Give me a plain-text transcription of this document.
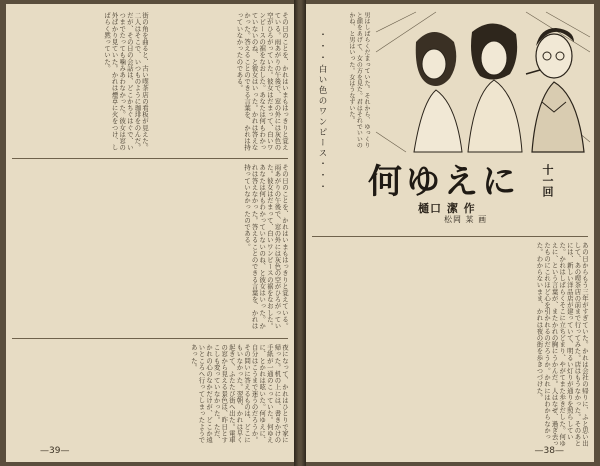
その日のことを、かれはいまもはっきりと覚えている。雨あがりの午後で、窓の外には灰色の空がひろがっていた。彼女はだまって、白いワンピースの裾をなおした。あなたは何もわかっていないのね、と彼女はいった。かれは答えなかった。答えることのできる言葉を、かれは持っていなかったのである。
街の角を曲ると、古い喫茶店の看板が見えた。二人はそこで、いつものように珈琲をのんだ。だが、その日の会話は、どこかちぐはぐで、いつまでたっても噛みあわなかった。彼女は窓の外ばかり見ていた。かれは煙草に火をつけ、しばらく黙っていた。
その日のことを、かれはいまもはっきりと覚えている。雨あがりの午後で、窓の外には灰色の空がひろがっていた。彼女はだまって、白いワンピースの裾をなおした。あなたは何もわかっていないのね、と彼女はいった。かれは答えなかった。答えることのできる言葉を、かれは持っていなかったのである。
夜になって、かれはひとりで家に帰った。机の上には、書きかけの手紙が一通のこっていた。何ゆえに、とかれは呟いた。何ゆえに、自分はこうまで迷うのだろうか。その問いに答えるものは、どこにもいなかった。翌朝、かれは早く起きて、ふたたび街へ出た。電車の窓から見える景色は、昨日とすこしも変っていなかった。ただ、かれの心のなかだけが、どこか遠いところへ行ってしまったようであった。
—39—
男はしばらくだまっていた。それから、ゆっくりと顔をあげて、女の方を見た。君はそれでいいのかね、と男はいった。女はうなずいた。
・・・白い色のワンピース・・・ 何ゆえに 十一回
樋口 潔 作
松岡 某 画
あの日からもう三年がすぎていた。かれは会社の帰りに、ふと思い出して、あの喫茶店の前まで行ってみた。店はもうなかった。そのあとには、新しい洋品店が建っていて、明るい灯りが通りを照らしていた。かれはしばらくそこに立ちどまり、やがてまた歩きだした。何ゆえに、という言葉が、またかれの胸にうかんだ。人はなぜ、過ぎ去ったものにこれほど心を引かれるのだろうか。かれにはわからなかった。わからないまま、かれは夜の街を歩きつづけた。
—38—
